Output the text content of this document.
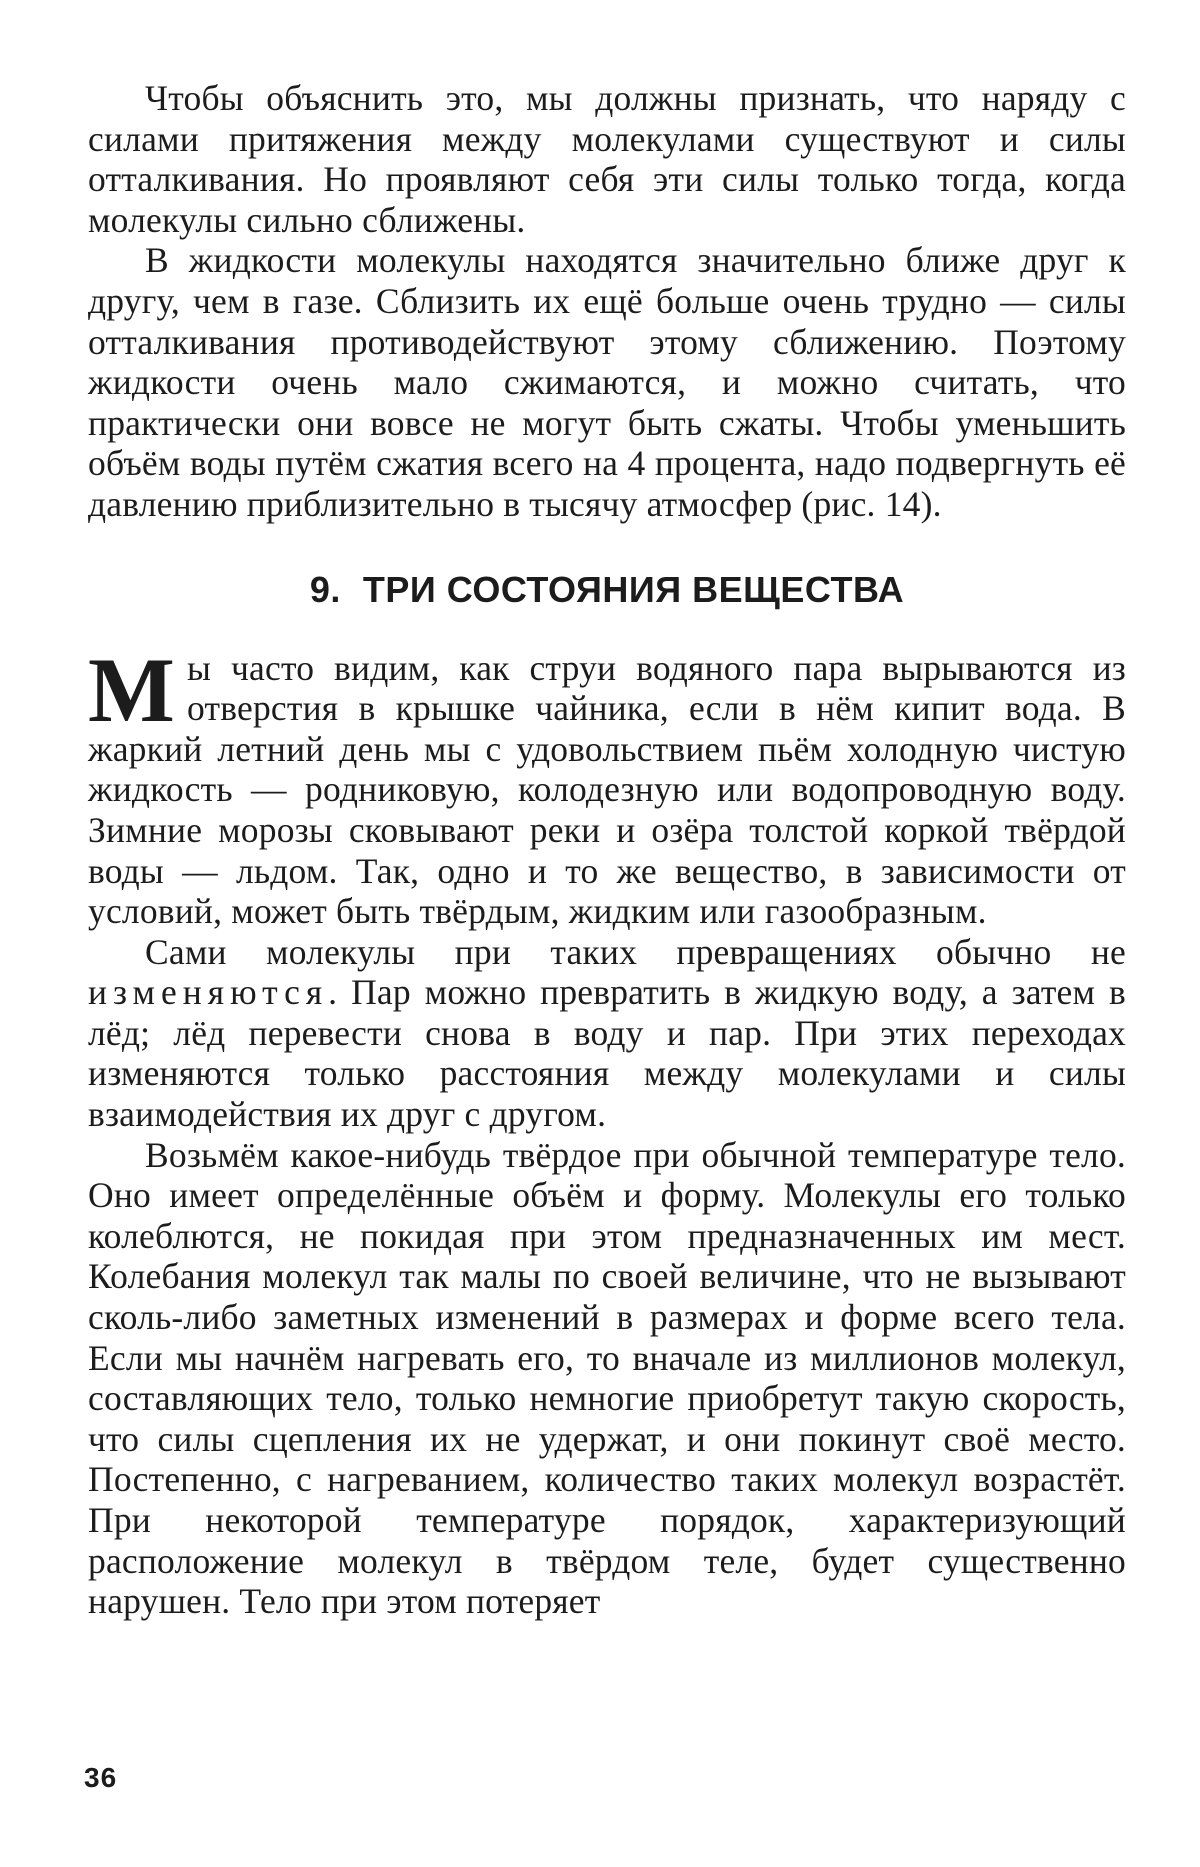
Чтобы объяснить это, мы должны признать, что наряду с силами притяжения между молекулами существуют и силы отталкивания. Но проявляют себя эти силы только тогда, когда молекулы сильно сближены.

В жидкости молекулы находятся значительно ближе друг к другу, чем в газе. Сблизить их ещё больше очень трудно — силы отталкивания противодействуют этому сближению. Поэтому жидкости очень мало сжимаются, и можно считать, что практически они вовсе не могут быть сжаты. Чтобы уменьшить объём воды путём сжатия всего на 4 процента, надо подвергнуть её давлению приблизительно в тысячу атмосфер (рис. 14).

9. ТРИ СОСТОЯНИЯ ВЕЩЕСТВА

Мы часто видим, как струи водяного пара вырываются из отверстия в крышке чайника, если в нём кипит вода. В жаркий летний день мы с удовольствием пьём холодную чистую жидкость — родниковую, колодезную или водопроводную воду. Зимние морозы сковывают реки и озёра толстой коркой твёрдой воды — льдом. Так, одно и то же вещество, в зависимости от условий, может быть твёрдым, жидким или газообразным.

Сами молекулы при таких превращениях обычно не изменяются. Пар можно превратить в жидкую воду, а затем в лёд; лёд перевести снова в воду и пар. При этих переходах изменяются только расстояния между молекулами и силы взаимодействия их друг с другом.

Возьмём какое-нибудь твёрдое при обычной температуре тело. Оно имеет определённые объём и форму. Молекулы его только колеблются, не покидая при этом предназначенных им мест. Колебания молекул так малы по своей величине, что не вызывают сколь-либо заметных изменений в размерах и форме всего тела. Если мы начнём нагревать его, то вначале из миллионов молекул, составляющих тело, только немногие приобретут такую скорость, что силы сцепления их не удержат, и они покинут своё место. Постепенно, с нагреванием, количество таких молекул возрастёт. При некоторой температуре порядок, характеризующий расположение молекул в твёрдом теле, будет существенно нарушен. Тело при этом потеряет

36
